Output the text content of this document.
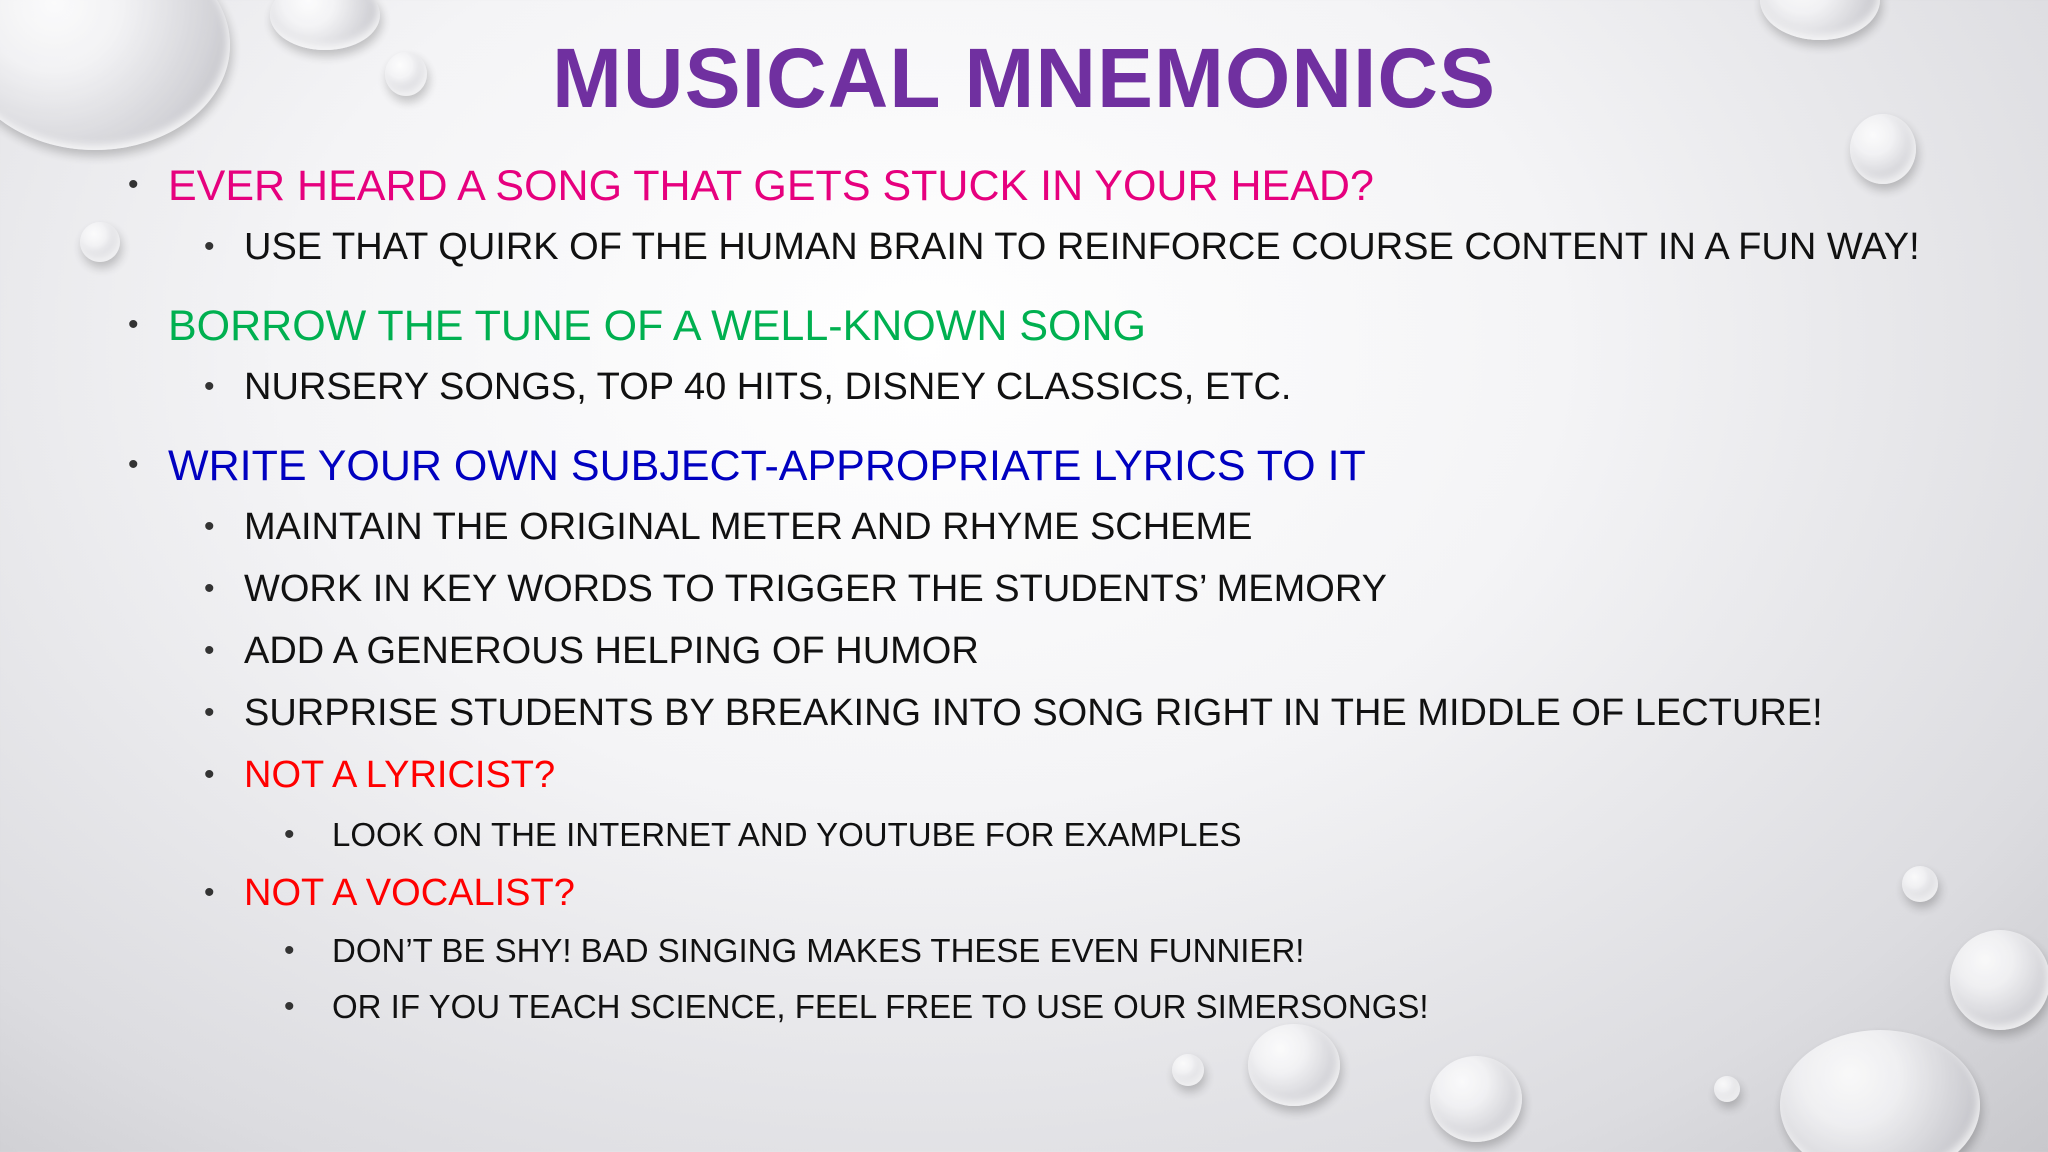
MUSICAL MNEMONICS
• EVER HEARD A SONG THAT GETS STUCK IN YOUR HEAD?
• USE THAT QUIRK OF THE HUMAN BRAIN TO REINFORCE COURSE CONTENT IN A FUN WAY!
• BORROW THE TUNE OF A WELL-KNOWN SONG
• NURSERY SONGS, TOP 40 HITS, DISNEY CLASSICS, ETC.
• WRITE YOUR OWN SUBJECT-APPROPRIATE LYRICS TO IT
• MAINTAIN THE ORIGINAL METER AND RHYME SCHEME
• WORK IN KEY WORDS TO TRIGGER THE STUDENTS’ MEMORY
• ADD A GENEROUS HELPING OF HUMOR
• SURPRISE STUDENTS BY BREAKING INTO SONG RIGHT IN THE MIDDLE OF LECTURE!
• NOT A LYRICIST?
• LOOK ON THE INTERNET AND YOUTUBE FOR EXAMPLES
• NOT A VOCALIST?
• DON’T BE SHY! BAD SINGING MAKES THESE EVEN FUNNIER!
• OR IF YOU TEACH SCIENCE, FEEL FREE TO USE OUR SIMERSONGS!
